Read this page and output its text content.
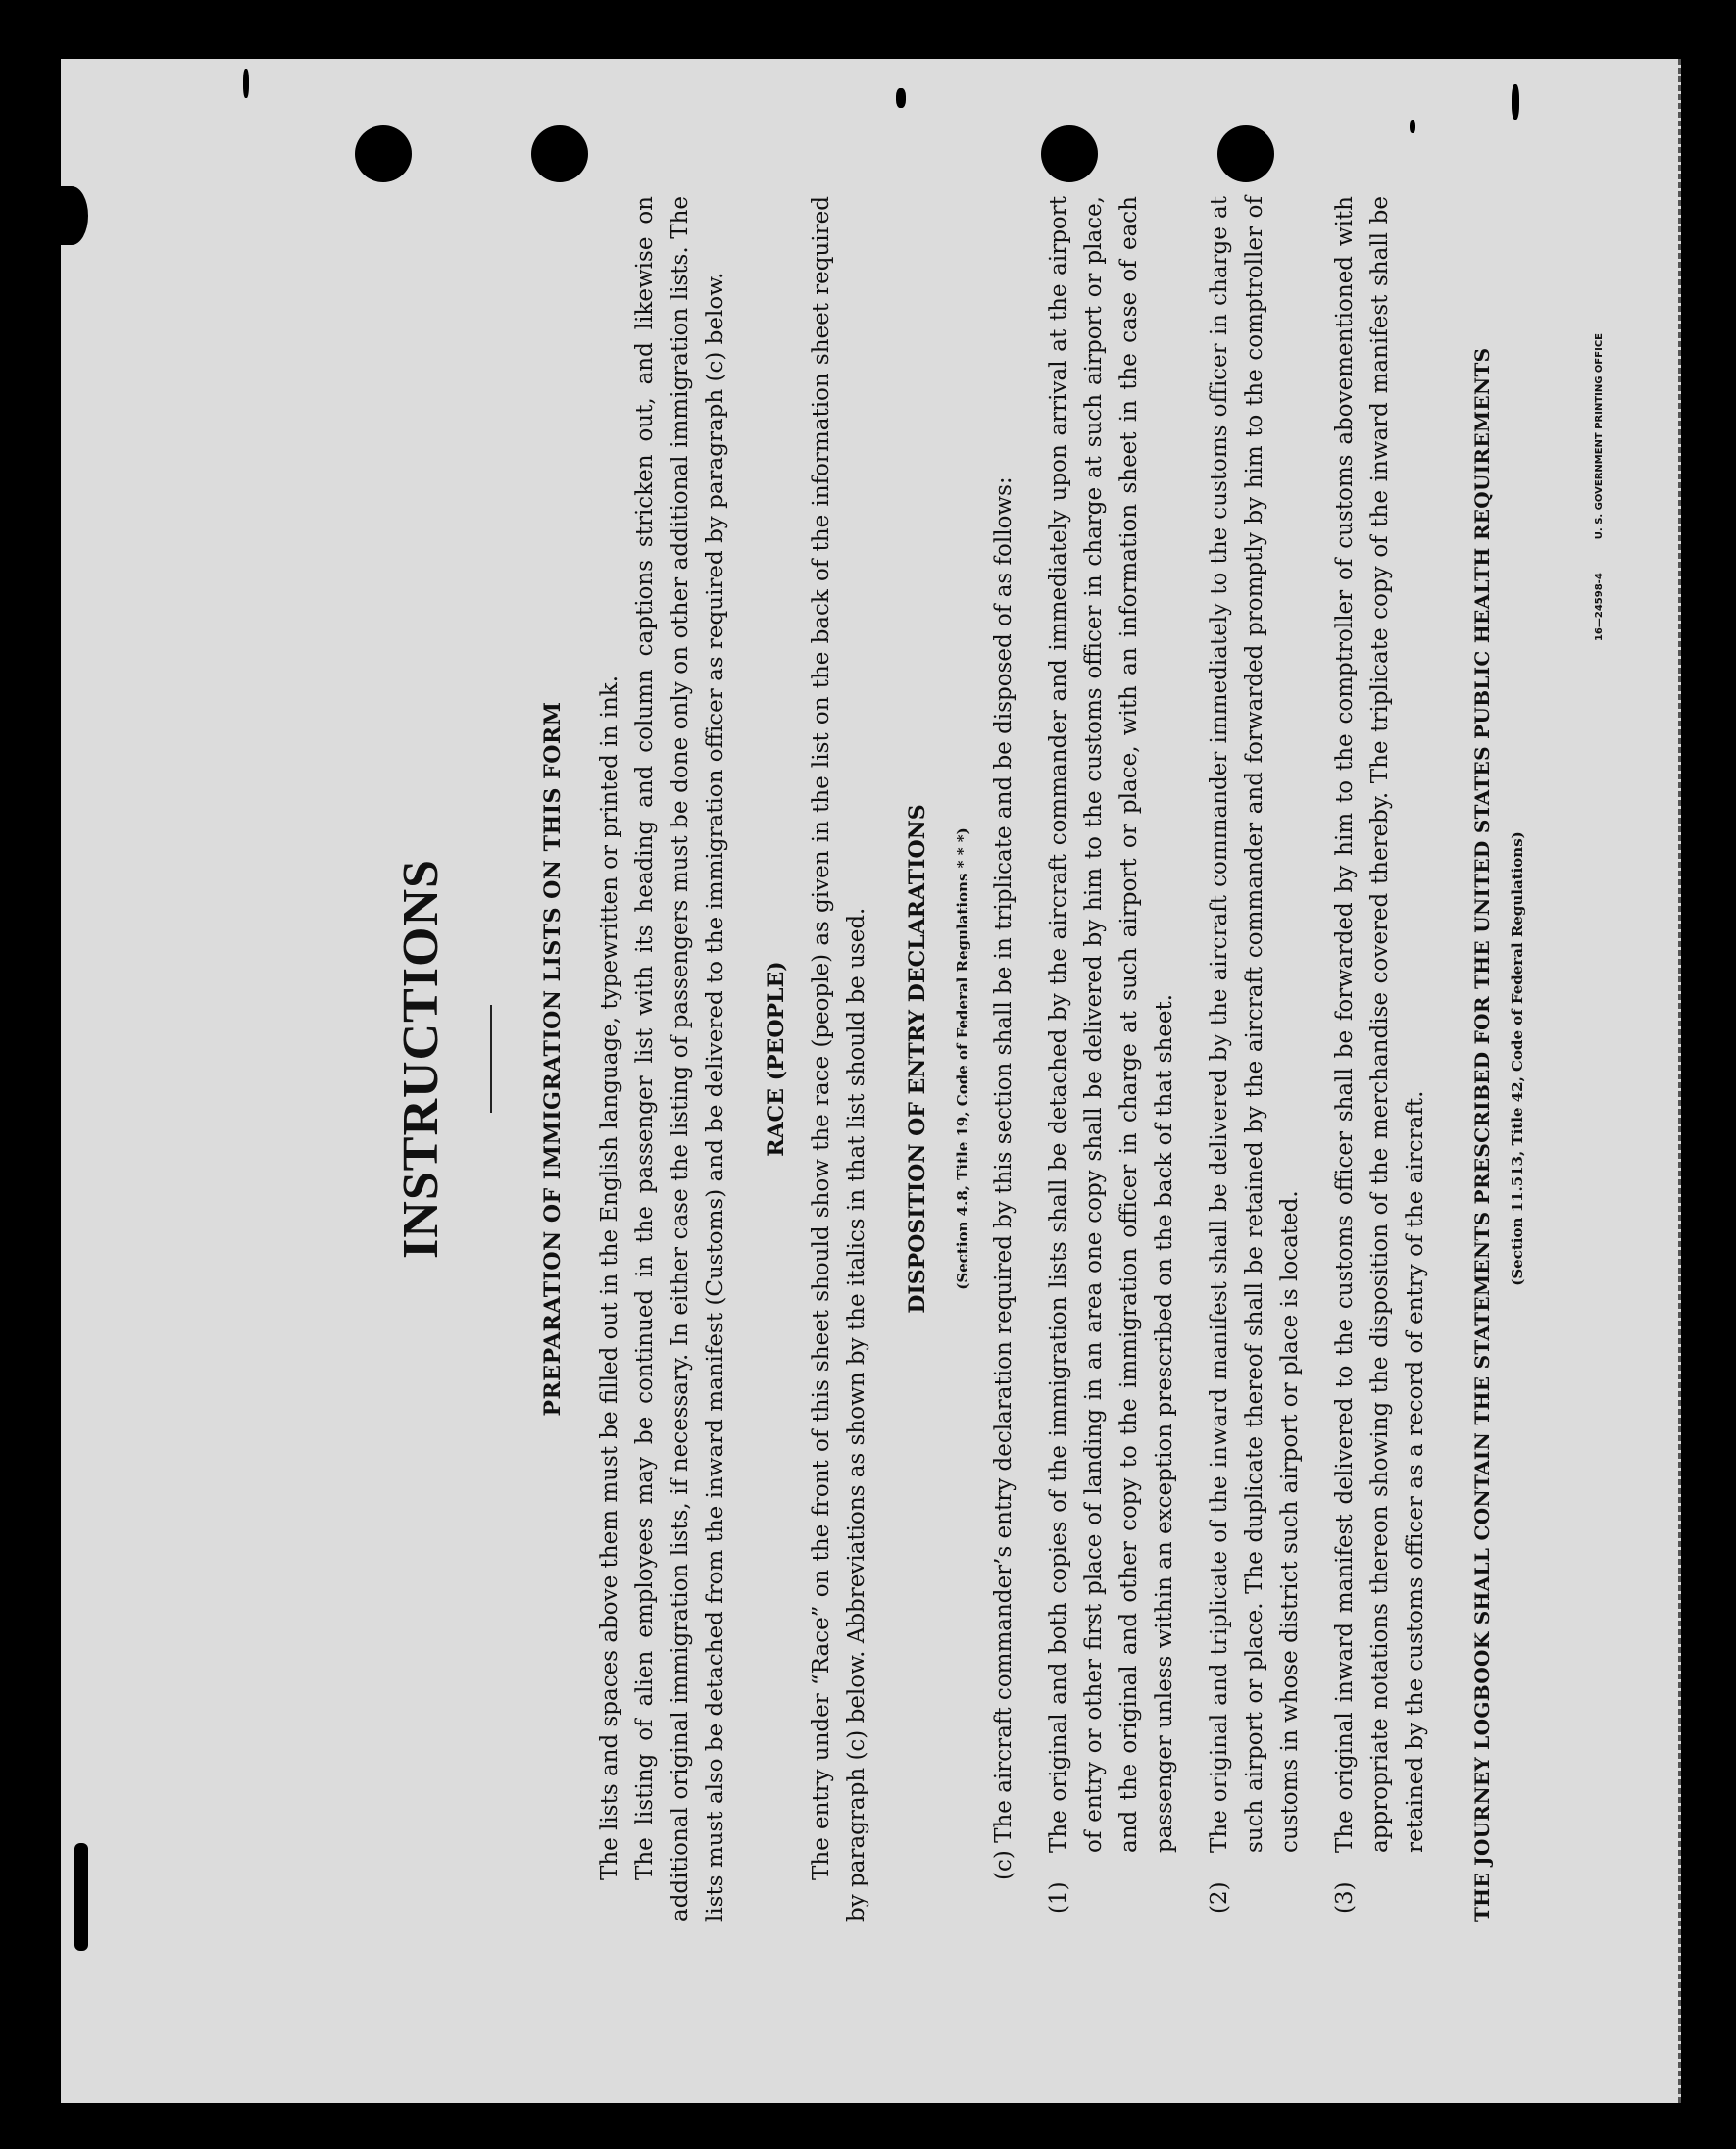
INSTRUCTIONS	PREPARATION OF IMMIGRATION LISTS ON THIS FORM The lists and spaces above them must be filled out in the English language, typewritten or printed in ink. The listing of alien employees may be continued in the passenger list with its heading and column captions stricken out, and likewise on additional original immigration lists, if necessary. In either case the listing of passengers must be done only on other additional immigration lists. The lists must also be detached from the inward manifest (Customs) and be delivered to the immigration officer as required by paragraph (c) below. RACE (PEOPLE) The entry under “Race” on the front of this sheet should show the race (people) as given in the list on the back of the information sheet required by paragraph (c) below. Abbreviations as shown by the italics in that list should be used. DISPOSITION OF ENTRY DECLARATIONS	(Section 4.8, Title 19, Code of Federal Regulations * * *)

(c) The aircraft commander’s entry declaration required by this section shall be in triplicate and be disposed of as follows:

(1)
The original and both copies of the immigration lists shall be detached by the aircraft commander and immediately upon arrival at the airport of entry or other first place of landing in an area one copy shall be delivered by him to the customs officer in charge at such airport or place, and the original and other copy to the immigration officer in charge at such airport or place, with an information sheet in the case of each passenger unless within an exception prescribed on the back of that sheet.
(2)
The original and triplicate of the inward manifest shall be delivered by the aircraft commander immediately to the customs officer in charge at such airport or place. The duplicate thereof shall be retained by the aircraft commander and forwarded promptly by him to the comptroller of customs in whose district such airport or place is located.
(3)
The original inward manifest delivered to the customs officer shall be forwarded by him to the comptroller of customs abovementioned with appropriate notations thereon showing the disposition of the merchandise covered thereby. The triplicate copy of the inward manifest shall be retained by the customs officer as a record of entry of the aircraft.	THE JOURNEY LOGBOOK SHALL CONTAIN THE STATEMENTS PRESCRIBED FOR THE UNITED STATES PUBLIC HEALTH REQUIREMENTS	(Section 11.513, Title 42, Code of Federal Regulations)
16—24598-4
U. S. GOVERNMENT PRINTING OFFICE
